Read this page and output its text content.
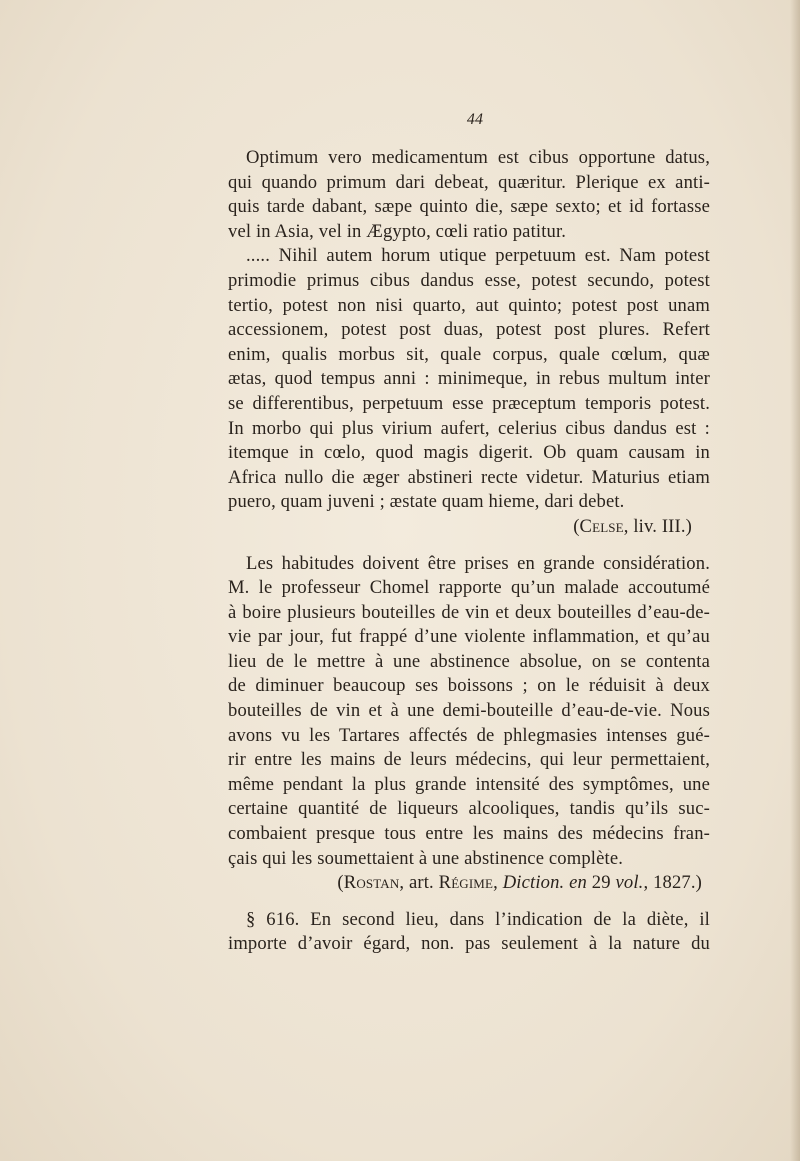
44
Optimum vero medicamentum est cibus opportune datus,
qui quando primum dari debeat, quæritur. Plerique ex anti-
quis tarde dabant, sæpe quinto die, sæpe sexto; et id fortasse
vel in Asia, vel in Ægypto, cœli ratio patitur.
..... Nihil autem horum utique perpetuum est. Nam potest
primodie primus cibus dandus esse, potest secundo, potest
tertio, potest non nisi quarto, aut quinto; potest post unam
accessionem, potest post duas, potest post plures. Refert
enim, qualis morbus sit, quale corpus, quale cœlum, quæ
ætas, quod tempus anni : minimeque, in rebus multum inter
se differentibus, perpetuum esse præceptum temporis potest.
In morbo qui plus virium aufert, celerius cibus dandus est :
itemque in cœlo, quod magis digerit. Ob quam causam in
Africa nullo die æger abstineri recte videtur. Maturius etiam
puero, quam juveni ; æstate quam hieme, dari debet.
(Celse, liv. III.)
Les habitudes doivent être prises en grande considération.
M. le professeur Chomel rapporte qu’un malade accoutumé
à boire plusieurs bouteilles de vin et deux bouteilles d’eau-de-
vie par jour, fut frappé d’une violente inflammation, et qu’au
lieu de le mettre à une abstinence absolue, on se contenta
de diminuer beaucoup ses boissons ; on le réduisit à deux
bouteilles de vin et à une demi-bouteille d’eau-de-vie. Nous
avons vu les Tartares affectés de phlegmasies intenses gué-
rir entre les mains de leurs médecins, qui leur permettaient,
même pendant la plus grande intensité des symptômes, une
certaine quantité de liqueurs alcooliques, tandis qu’ils suc-
combaient presque tous entre les mains des médecins fran-
çais qui les soumettaient à une abstinence complète.
(Rostan, art. Régime, Diction. en 29 vol., 1827.)
§ 616. En second lieu, dans l’indication de la diète, il
importe d’avoir égard, non. pas seulement à la nature du
